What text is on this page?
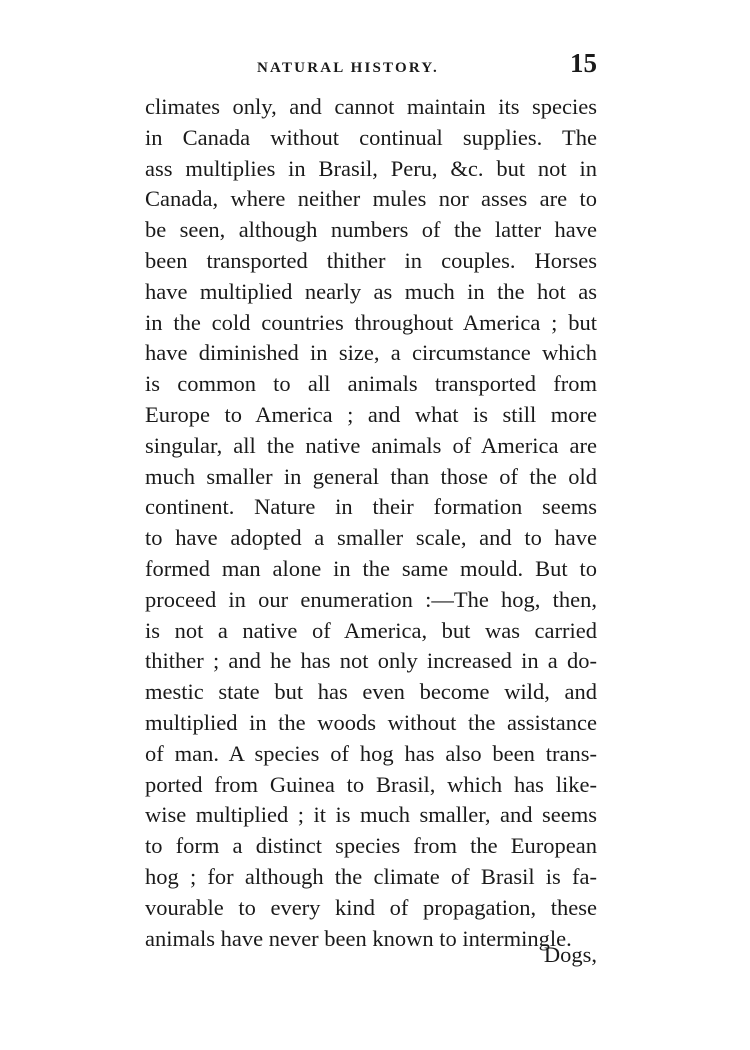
NATURAL HISTORY.	15
climates only, and cannot maintain its species
in Canada without continual supplies. The
ass multiplies in Brasil, Peru, &c. but not in
Canada, where neither mules nor asses are to
be seen, although numbers of the latter have
been transported thither in couples. Horses
have multiplied nearly as much in the hot as
in the cold countries throughout America ; but
have diminished in size, a circumstance which
is common to all animals transported from
Europe to America ; and what is still more
singular, all the native animals of America are
much smaller in general than those of the old
continent. Nature in their formation seems
to have adopted a smaller scale, and to have
formed man alone in the same mould. But to
proceed in our enumeration :—The hog, then,
is not a native of America, but was carried
thither ; and he has not only increased in a do-
mestic state but has even become wild, and
multiplied in the woods without the assistance
of man. A species of hog has also been trans-
ported from Guinea to Brasil, which has like-
wise multiplied ; it is much smaller, and seems
to form a distinct species from the European
hog ; for although the climate of Brasil is fa-
vourable to every kind of propagation, these
animals have never been known to intermingle.
Dogs,
